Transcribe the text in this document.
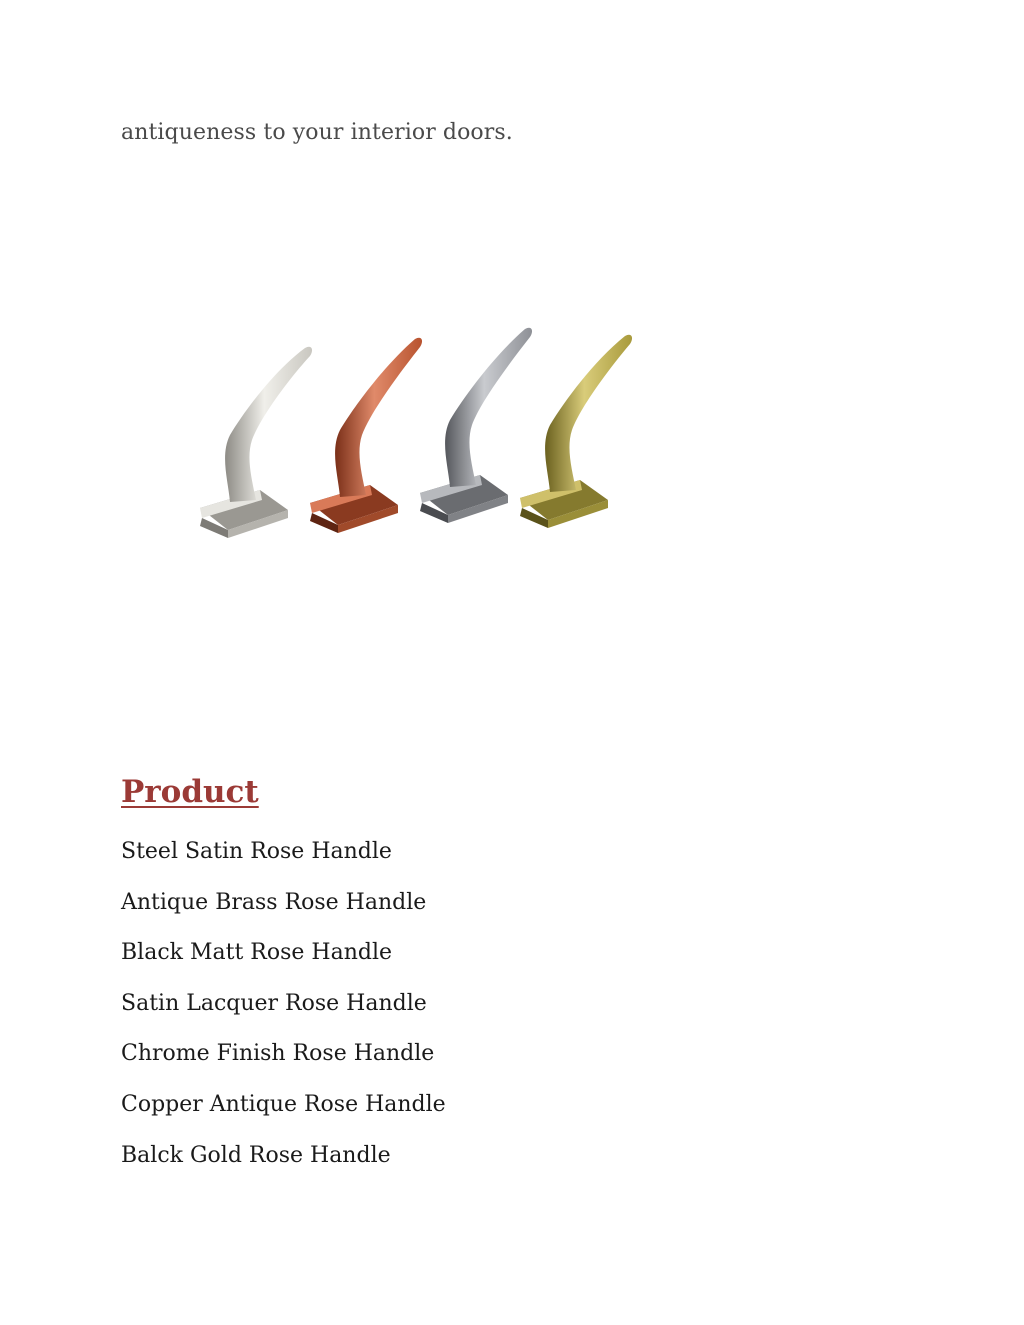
antiqueness to your interior doors.

Product
Steel Satin Rose Handle
Antique Brass Rose Handle
Black Matt Rose Handle
Satin Lacquer Rose Handle
Chrome Finish Rose Handle
Copper Antique Rose Handle
Balck Gold Rose Handle
